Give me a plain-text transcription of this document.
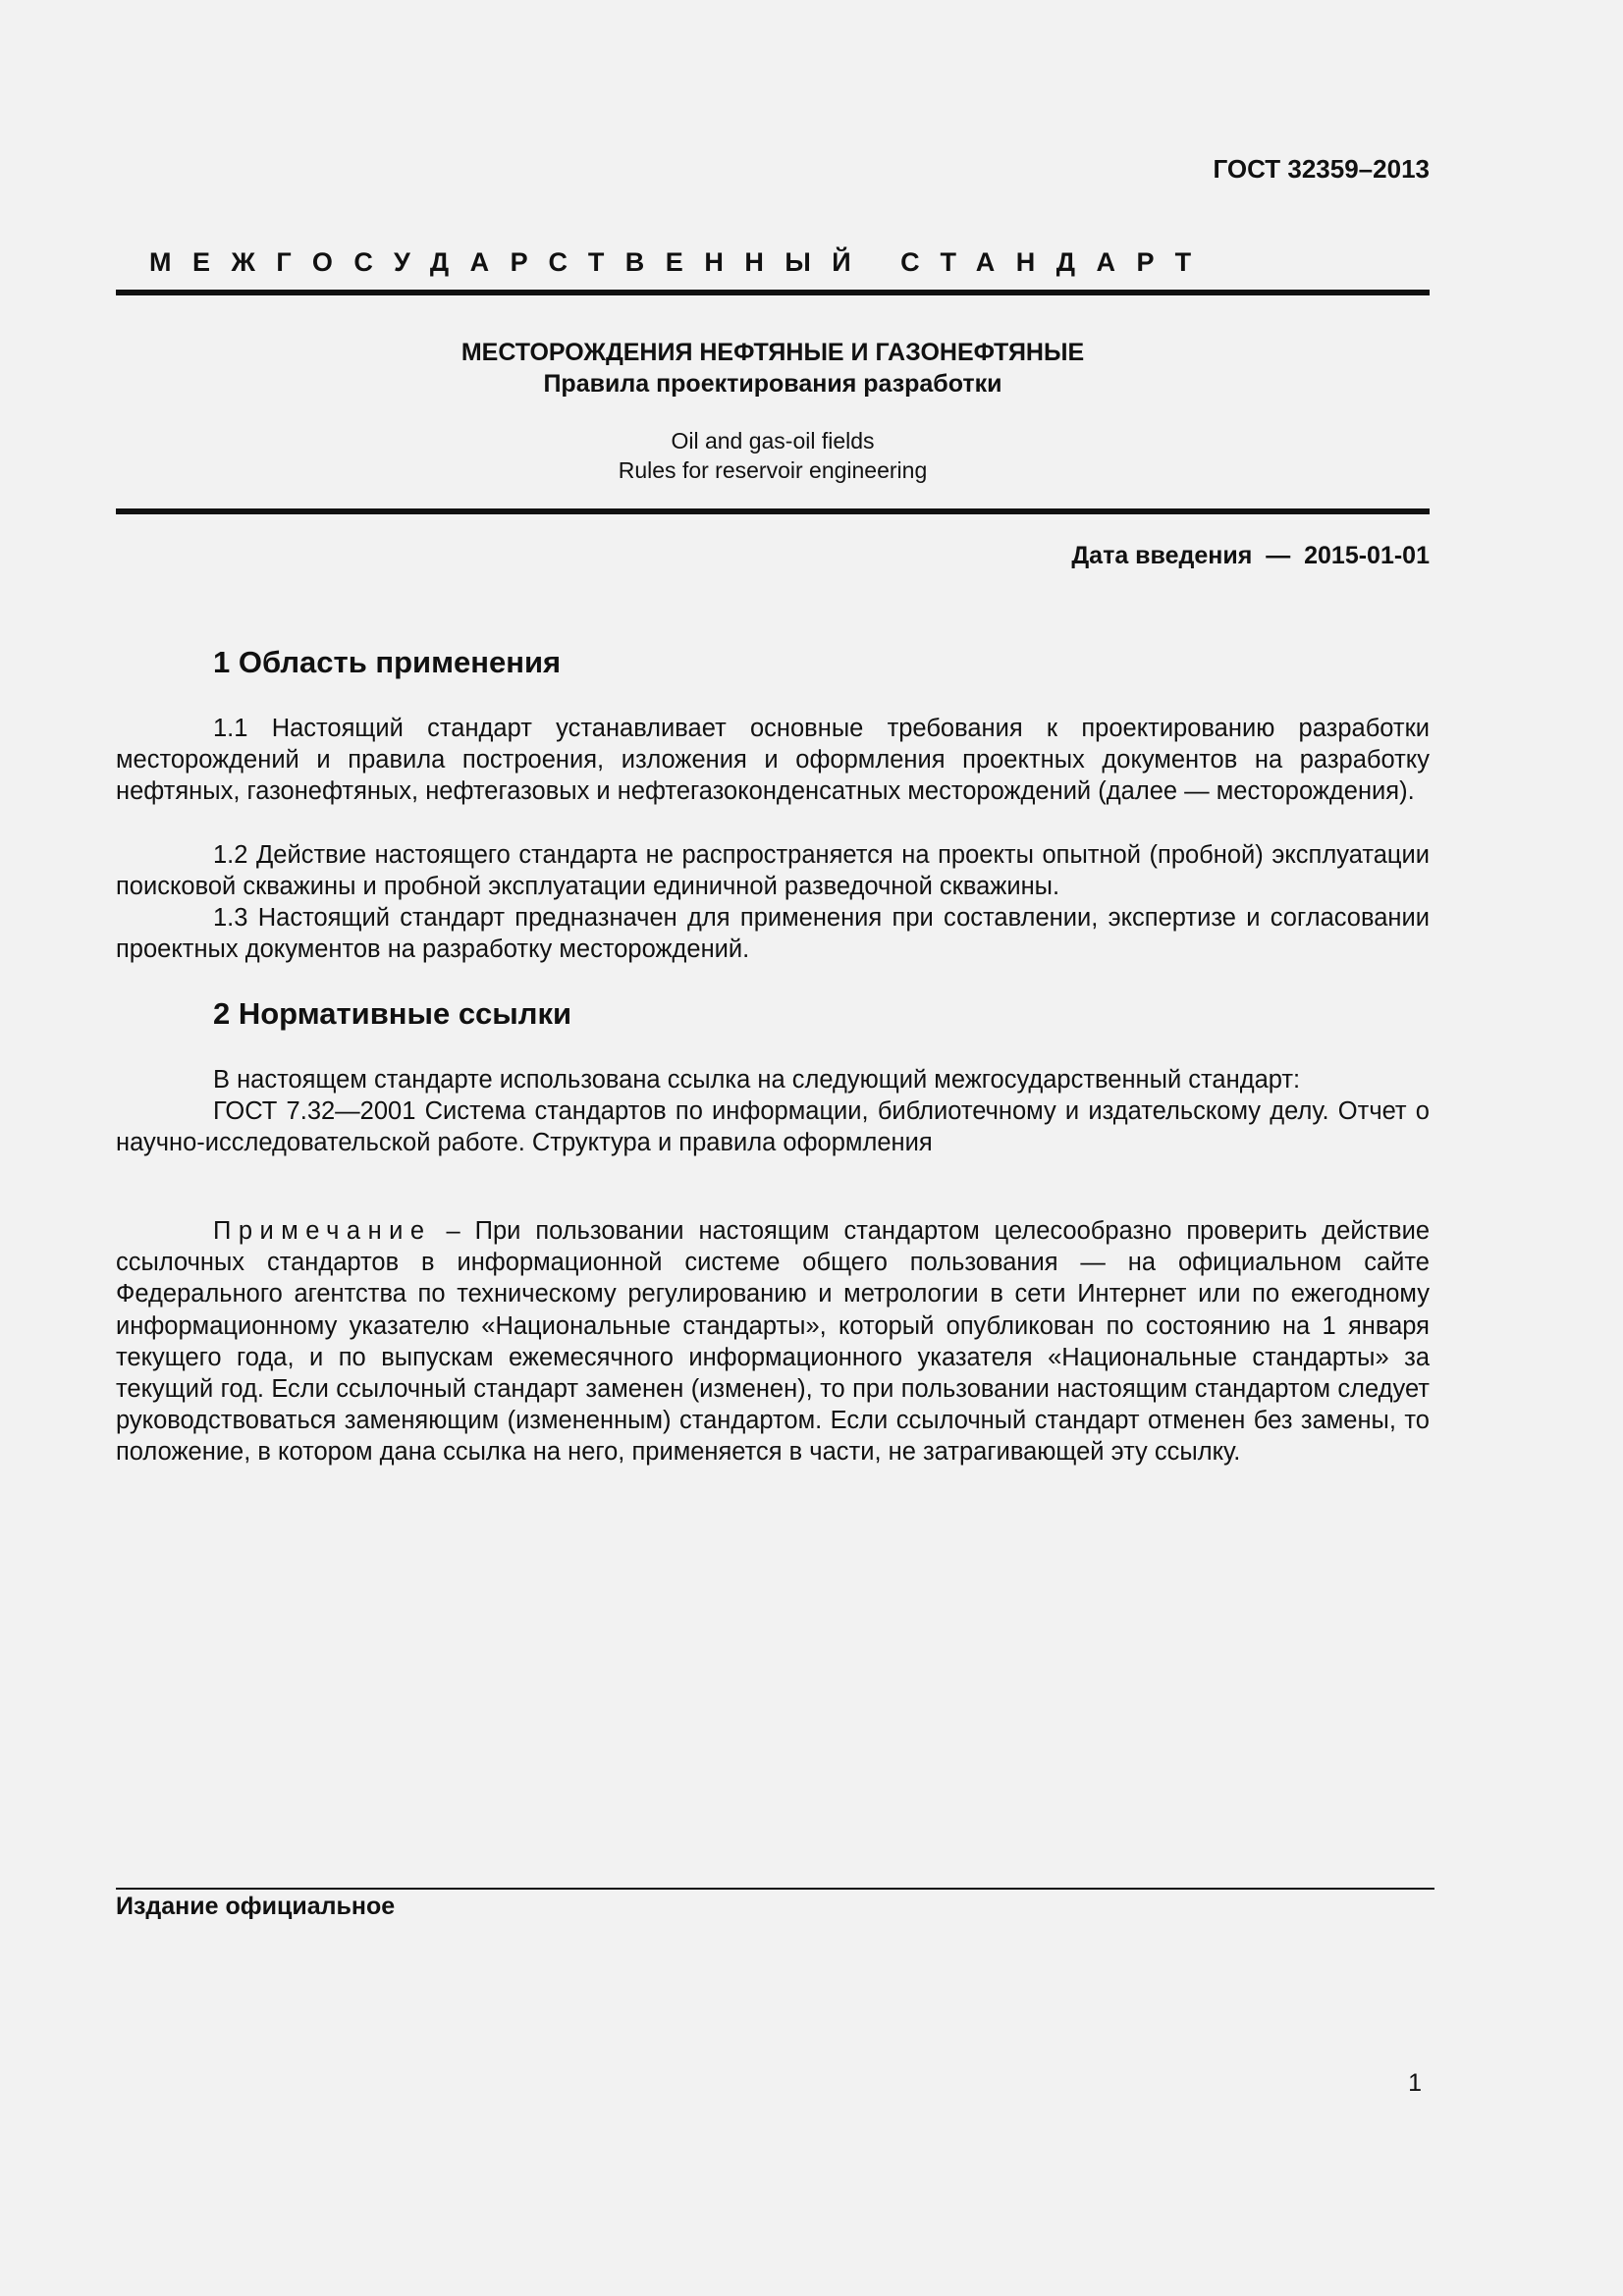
ГОСТ 32359–2013
МЕЖГОСУДАРСТВЕННЫЙ СТАНДАРТ
МЕСТОРОЖДЕНИЯ НЕФТЯНЫЕ И ГАЗОНЕФТЯНЫЕ
Правила проектирования разработки
Oil and gas-oil fields
Rules for reservoir engineering
Дата введения  —  2015-01-01
1 Область применения

1.1 Настоящий стандарт устанавливает основные требования к проектированию разработки месторождений и правила построения, изложения и оформления проектных документов на разработку нефтяных, газонефтяных, нефтегазовых и нефтегазоконденсатных месторождений (далее — месторождения).

1.2 Действие настоящего стандарта не распространяется на проекты опытной (пробной) эксплуатации поисковой скважины и пробной эксплуатации единичной разведочной скважины.

1.3 Настоящий стандарт предназначен для применения при составлении, экспертизе и согласовании проектных документов на разработку месторождений.

2 Нормативные ссылки

В настоящем стандарте использована ссылка на следующий межгосударственный стандарт:

ГОСТ 7.32—2001 Система стандартов по информации, библиотечному и издательскому делу. Отчет о научно-исследовательской работе. Структура и правила оформления

Примечание – При пользовании настоящим стандартом целесообразно проверить действие ссылочных стандартов в информационной системе общего пользования — на официальном сайте Федерального агентства по техническому регулированию и метрологии в сети Интернет или по ежегодному информационному указателю «Национальные стандарты», который опубликован по состоянию на 1 января текущего года, и по выпускам ежемесячного информационного указателя «Национальные стандарты» за текущий год. Если ссылочный стандарт заменен (изменен), то при пользовании настоящим стандартом следует руководствоваться заменяющим (измененным) стандартом. Если ссылочный стандарт отменен без замены, то положение, в котором дана ссылка на него, применяется в части, не затрагивающей эту ссылку.

Издание официальное
1
